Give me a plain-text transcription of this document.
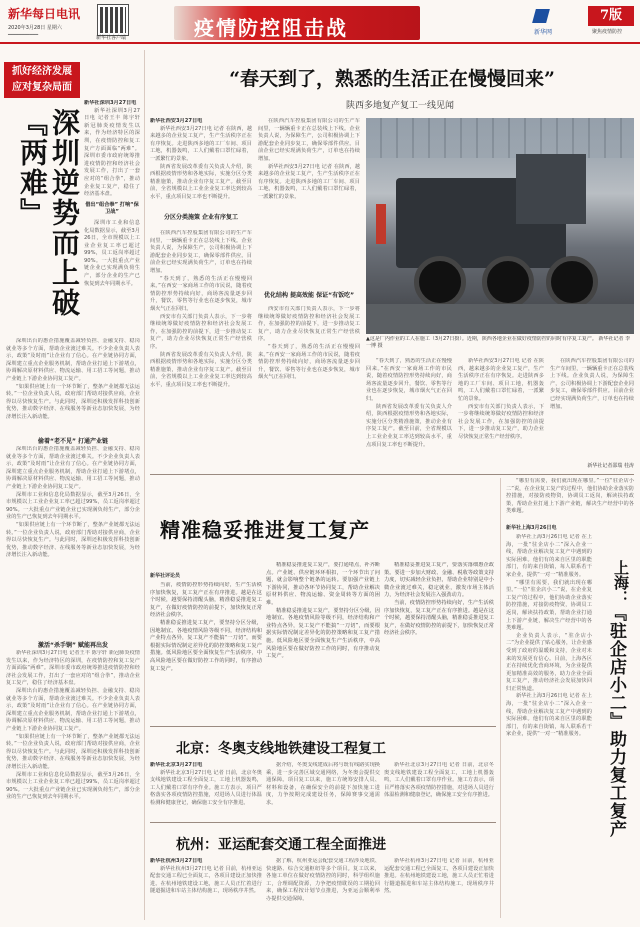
新华每日电讯
2020年3月28日 星期六
━━━━━━━━━━	新华社客户端	疫情防控阻击战	新华网
7版
聚焦疫情防控
抓好经济发展
应对复杂局面
深圳逆势而上破『两难』

新华社深圳3月27日电

新华社深圳3月27日电 记者王丰 陈宇轩 新冠肺炎疫情发生以来，作为经济特区的深圳，在疫情防控和复工复产方面面临“两难”。深圳市委市政府统筹推进疫情防控和经济社会发展工作，打出了一套应对的“组合拳”，推动企业复工复产，稳住了经济基本盘。

借出“组合拳” 打响“保卫战”

深圳市工业和信息化局数据显示，截至3月26日，全市规模以上工业企业复工率已超过99%，员工返岗率超过90%。一大批重点产业链企业已实现满负荷生产，部分企业的生产已恢复到去年同期水平。

深圳出台的惠企措施覆盖减轻负担、金融支持、稳岗就业等多个方面，帮助企业渡过难关。不少企业负责人表示，政策“及时雨”让企业有了信心。在产业链协同方面，深圳建立重点企业服务机制，帮助企业打通上下游堵点，协调解决原材料供应、物流运输、用工招工等问题，推动产业链上下游企业协同复工复产。

“如果供应链上有一个环节断了，整条产业链都无法运转。”一位企业负责人说，政府部门帮助对接供应商，企业得以尽快恢复生产。与此同时，深圳还积极发挥科技创新优势，推动数字经济、在线服务等新业态加快发展，为经济增长注入新动能。

偷着“老不见” 打通产业链

深圳出台的惠企措施覆盖减轻负担、金融支持、稳岗就业等多个方面，帮助企业渡过难关。不少企业负责人表示，政策“及时雨”让企业有了信心。在产业链协同方面，深圳建立重点企业服务机制，帮助企业打通上下游堵点，协调解决原材料供应、物流运输、用工招工等问题，推动产业链上下游企业协同复工复产。

深圳市工业和信息化局数据显示，截至3月26日，全市规模以上工业企业复工率已超过99%，员工返岗率超过90%。一大批重点产业链企业已实现满负荷生产，部分企业的生产已恢复到去年同期水平。

“如果供应链上有一个环节断了，整条产业链都无法运转。”一位企业负责人说，政府部门帮助对接供应商，企业得以尽快恢复生产。与此同时，深圳还积极发挥科技创新优势，推动数字经济、在线服务等新业态加快发展，为经济增长注入新动能。

激活“杀手锏” 赋能再出发

新华社深圳3月27日电 记者王丰 陈宇轩 新冠肺炎疫情发生以来，作为经济特区的深圳，在疫情防控和复工复产方面面临“两难”。深圳市委市政府统筹推进疫情防控和经济社会发展工作，打出了一套应对的“组合拳”，推动企业复工复产，稳住了经济基本盘。

深圳出台的惠企措施覆盖减轻负担、金融支持、稳岗就业等多个方面，帮助企业渡过难关。不少企业负责人表示，政策“及时雨”让企业有了信心。在产业链协同方面，深圳建立重点企业服务机制，帮助企业打通上下游堵点，协调解决原材料供应、物流运输、用工招工等问题，推动产业链上下游企业协同复工复产。

“如果供应链上有一个环节断了，整条产业链都无法运转。”一位企业负责人说，政府部门帮助对接供应商，企业得以尽快恢复生产。与此同时，深圳还积极发挥科技创新优势，推动数字经济、在线服务等新业态加快发展，为经济增长注入新动能。

深圳市工业和信息化局数据显示，截至3月26日，全市规模以上工业企业复工率已超过99%，员工返岗率超过90%。一大批重点产业链企业已实现满负荷生产，部分企业的生产已恢复到去年同期水平。

“春天到了，熟悉的生活正在慢慢回来”
陕西多地复产复工一线见闻

新华社西安3月27日电

新华社西安3月27日电 记者 在陕西，越来越多的企业复工复产，生产生活秩序正在有序恢复。走进陕西多地的工厂车间、项目工地，机器轰鸣，工人们戴着口罩忙碌着，一派繁忙的景象。

陕西省发展改革委有关负责人介绍，陕西根据疫情形势和各地实际，实施分区分类精准施策，推动企业有序复工复产。截至目前，全省规模以上工业企业复工率达到较高水平，重点项目复工率也不断提升。

分区分类施策 企业有序复工

在陕西汽车控股集团有限公司的生产车间里，一辆辆重卡正在总装线上下线。企业负责人说，为保障生产，公司积极协调上下游配套企业同步复工，确保零部件供应。目前企业已经实现满负荷生产，订单也在持续增加。

“春天到了，熟悉的生活正在慢慢回来。”在西安一家商场工作的市民说，随着疫情防控形势持续向好，商场客流量逐步回升，餐饮、零售等行业也在逐步恢复，城市烟火气正在回归。

西安市有关部门负责人表示，下一步将继续统筹做好疫情防控和经济社会发展工作，在加强防控的前提下，进一步推动复工复产，助力企业尽快恢复正常生产经营秩序。

陕西省发展改革委有关负责人介绍，陕西根据疫情形势和各地实际，实施分区分类精准施策，推动企业有序复工复产。截至目前，全省规模以上工业企业复工率达到较高水平，重点项目复工率也不断提升。

在陕西汽车控股集团有限公司的生产车间里，一辆辆重卡正在总装线上下线。企业负责人说，为保障生产，公司积极协调上下游配套企业同步复工，确保零部件供应。目前企业已经实现满负荷生产，订单也在持续增加。

新华社西安3月27日电 记者 在陕西，越来越多的企业复工复产，生产生活秩序正在有序恢复。走进陕西多地的工厂车间、项目工地，机器轰鸣，工人们戴着口罩忙碌着，一派繁忙的景象。

优化结构 提高效能 保证“有饭吃”

西安市有关部门负责人表示，下一步将继续统筹做好疫情防控和经济社会发展工作，在加强防控的前提下，进一步推动复工复产，助力企业尽快恢复正常生产经营秩序。

“春天到了，熟悉的生活正在慢慢回来。”在西安一家商场工作的市民说，随着疫情防控形势持续向好，商场客流量逐步回升，餐饮、零售等行业也在逐步恢复，城市烟火气正在回归。

▲这是厂内作业的工人在施工（3月27日摄）。近期，陕西各地企业在做好疫情防控的同时有序复工复产。 新华社记者 李一博 摄

“春天到了，熟悉的生活正在慢慢回来。”在西安一家商场工作的市民说，随着疫情防控形势持续向好，商场客流量逐步回升，餐饮、零售等行业也在逐步恢复，城市烟火气正在回归。

陕西省发展改革委有关负责人介绍，陕西根据疫情形势和各地实际，实施分区分类精准施策，推动企业有序复工复产。截至目前，全省规模以上工业企业复工率达到较高水平，重点项目复工率也不断提升。

新华社西安3月27日电 记者 在陕西，越来越多的企业复工复产，生产生活秩序正在有序恢复。走进陕西多地的工厂车间、项目工地，机器轰鸣，工人们戴着口罩忙碌着，一派繁忙的景象。

西安市有关部门负责人表示，下一步将继续统筹做好疫情防控和经济社会发展工作，在加强防控的前提下，进一步推动复工复产，助力企业尽快恢复正常生产经营秩序。

在陕西汽车控股集团有限公司的生产车间里，一辆辆重卡正在总装线上下线。企业负责人说，为保障生产，公司积极协调上下游配套企业同步复工，确保零部件供应。目前企业已经实现满负荷生产，订单也在持续增加。

新华社记者邵瑞 桂涛
精准稳妥推进复工复产
新华社评论员

当前，疫情防控形势持续向好，生产生活秩序加快恢复，复工复产正在有序推进。越是在这个时候，越要保持清醒头脑，精准稳妥推进复工复产，在做好疫情防控的前提下，加快恢复正常经济社会秩序。

精准稳妥推进复工复产，要坚持分区分级，因地制宜。各地疫情风险等级不同，经济结构和产业特点各异，复工复产不能搞“一刀切”，而要根据实际情况制定差异化的防控策略和复工复产措施。低风险地区要全面恢复生产生活秩序，中高风险地区要在做好防控工作的同时，有序推动复工复产。

精准稳妥推进复工复产，要打通堵点，补齐断点。产业链、供应链环环相扣，一个环节出了问题，就会影响整个链条的运转。要加强产业链上下游协同，推动各环节协同复工，帮助企业解决原材料供应、物流运输、资金周转等方面的困难。

精准稳妥推进复工复产，要坚持分区分级，因地制宜。各地疫情风险等级不同，经济结构和产业特点各异，复工复产不能搞“一刀切”，而要根据实际情况制定差异化的防控策略和复工复产措施。低风险地区要全面恢复生产生活秩序，中高风险地区要在做好防控工作的同时，有序推动复工复产。

精准稳妥推进复工复产，要落实落细惠企政策。要进一步加大财政、金融、税收等政策支持力度，切实减轻企业负担，帮助企业特别是中小微企业渡过难关，稳定就业，激发市场主体活力，为经济社会发展注入强劲动力。

当前，疫情防控形势持续向好，生产生活秩序加快恢复，复工复产正在有序推进。越是在这个时候，越要保持清醒头脑，精准稳妥推进复工复产，在做好疫情防控的前提下，加快恢复正常经济社会秩序。

“哪里有需要，我们就出现在哪里。”一位“驻企店小二”说，在企业复工复产的过程中，他们协助企业落实防控措施，对接防疫物资，协调员工返岗，解读扶持政策，帮助企业打通上下游产业链，解决生产经营中的各类难题。

新华社上海3月26日电

新华社上海3月26日电 记者 在上海，一批“驻企店小二”深入企业一线，帮助企业解决复工复产中遇到的实际困难。他们有的来自区里的职能部门，有的来自街镇，每人联系若干家企业，提供“一对一”精准服务。

“哪里有需要，我们就出现在哪里。”一位“驻企店小二”说，在企业复工复产的过程中，他们协助企业落实防控措施，对接防疫物资，协调员工返岗，解读扶持政策，帮助企业打通上下游产业链，解决生产经营中的各类难题。

企业负责人表示，“驻企店小二”为企业提供了贴心服务，让企业感受到了政府的温暖和支持，企业对未来的发展更有信心。目前，上海各区正在持续优化营商环境，为企业提供更加精准高效的服务，助力企业全面复工复产，推动经济社会发展加快回归正常轨道。

新华社上海3月26日电 记者 在上海，一批“驻企店小二”深入企业一线，帮助企业解决复工复产中遇到的实际困难。他们有的来自区里的职能部门，有的来自街镇，每人联系若干家企业，提供“一对一”精准服务。

上海：
『驻企店小二』助力复工复产
北京：冬奥支线地铁建设工程复工

新华社北京3月27日电

新华社北京3月27日电 记者 日前，北京冬奥支线地铁建设工程全面复工，工地上机器轰鸣，工人们戴着口罩有序作业。施工方表示，项目严格落实各项疫情防控措施，对进场人员进行体温检测和健康登记，确保施工安全有序推进。

据介绍，冬奥支线建成后将与既有线路实现换乘，进一步完善区域交通网络，为冬奥会提供交通保障。项目复工以来，施工方统筹安排人员、材料和设备，在确保安全的前提下加快施工进度，力争按期完成建设任务，保障赛事交通需求。

新华社北京3月27日电 记者 日前，北京冬奥支线地铁建设工程全面复工，工地上机器轰鸣，工人们戴着口罩有序作业。施工方表示，项目严格落实各项疫情防控措施，对进场人员进行体温检测和健康登记，确保施工安全有序推进。

杭州：亚运配套交通工程全面推进

新华社杭州3月27日电

新华社杭州3月27日电 记者 目前，杭州亚运配套交通工程已全面复工，各项目建设正加快推进。在杭州地铁建设工地，施工人员正忙着进行隧道掘进和车站主体结构施工，现场秩序井然。

据了解，杭州亚运会配套交通工程涉及地铁、快速路、综合交通枢纽等多个项目。复工以来，各施工单位在做好疫情防控的同时，科学组织施工，合理调配资源，力争把疫情耽误的工期抢回来，确保工程按计划节点推进，为亚运会顺利举办提供交通保障。

新华社杭州3月27日电 记者 目前，杭州亚运配套交通工程已全面复工，各项目建设正加快推进。在杭州地铁建设工地，施工人员正忙着进行隧道掘进和车站主体结构施工，现场秩序井然。
